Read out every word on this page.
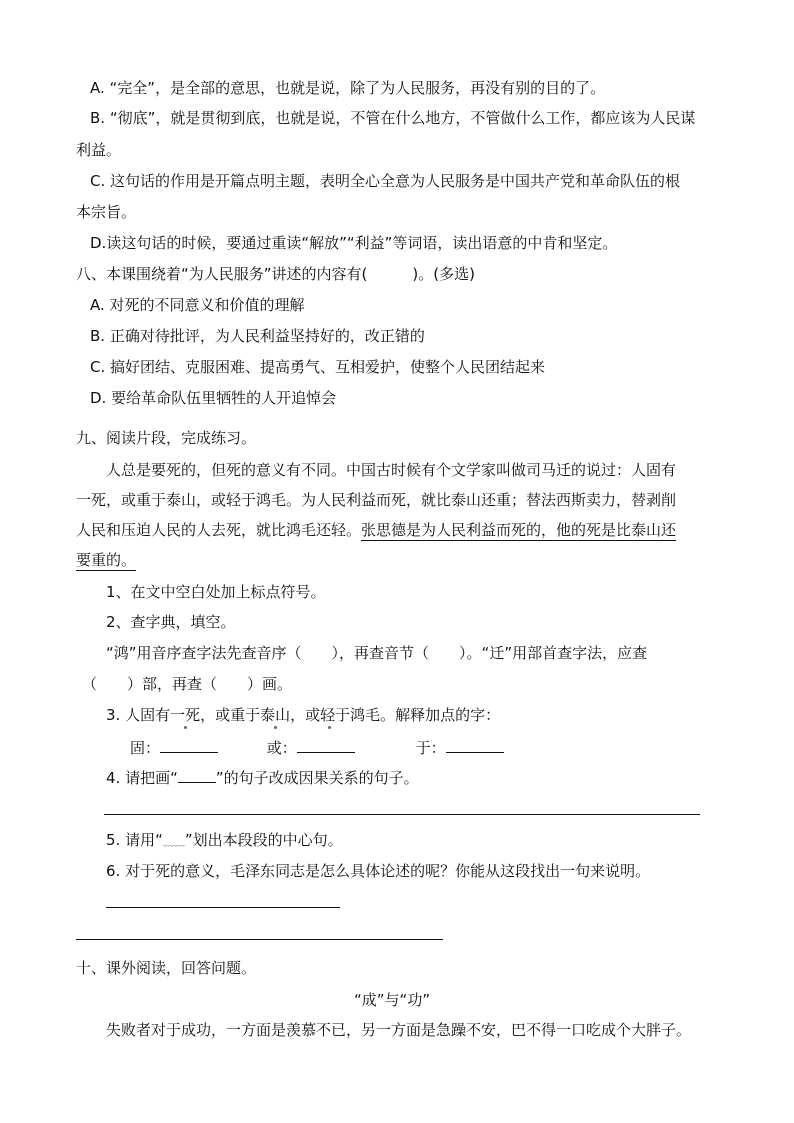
A. “完全”，是全部的意思，也就是说，除了为人民服务，再没有别的目的了。
B. “彻底”，就是贯彻到底，也就是说，不管在什么地方，不管做什么工作，都应该为人民谋
利益。
C. 这句话的作用是开篇点明主题，表明全心全意为人民服务是中国共产党和革命队伍的根
本宗旨。
D.读这句话的时候，要通过重读“解放”“利益”等词语，读出语意的中肯和坚定。
八、本课围绕着“为人民服务”讲述的内容有(　　　)。(多选)
A. 对死的不同意义和价值的理解
B. 正确对待批评，为人民利益坚持好的，改正错的
C. 搞好团结、克服困难、提高勇气、互相爱护，使整个人民团结起来
D. 要给革命队伍里牺牲的人开追悼会
九、阅读片段，完成练习。
人总是要死的，但死的意义有不同。中国古时候有个文学家叫做司马迁的说过：人固有
一死，或重于泰山，或轻于鸿毛。为人民利益而死，就比泰山还重；替法西斯卖力，替剥削
人民和压迫人民的人去死，就比鸿毛还轻。张思德是为人民利益而死的，他的死是比泰山还
要重的。
1、在文中空白处加上标点符号。
2、查字典，填空。
“鸿”用音序查字法先查音序（　　），再查音节（　　）。“迁”用部首查字法，应查
（　　）部，再查（　　）画。
3. 人固有一死，或重于泰山，或轻于鸿毛。解释加点的字：
固：	或：	于：
4. 请把画“	”的句子改成因果关系的句子。
5. 请用“﹏﹏”划出本段段的中心句。
6. 对于死的意义，毛泽东同志是怎么具体论述的呢？你能从这段找出一句来说明。
十、课外阅读，回答问题。
“成”与“功”
失败者对于成功，一方面是羡慕不已，另一方面是急躁不安，巴不得一口吃成个大胖子。
